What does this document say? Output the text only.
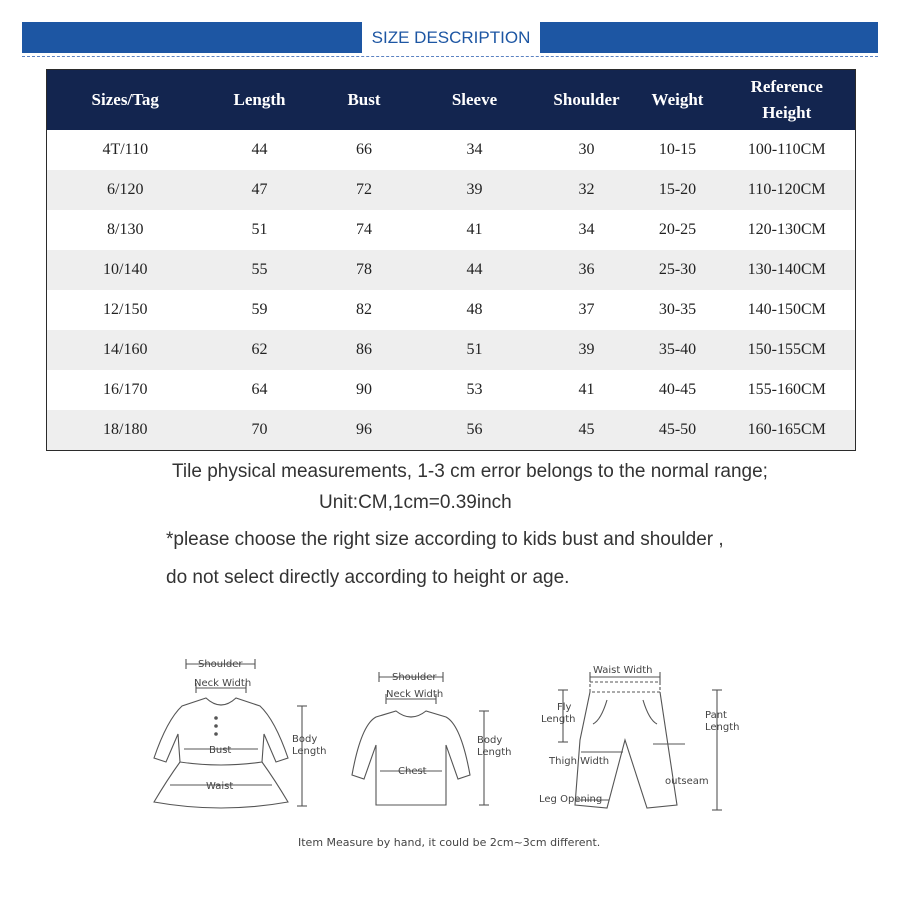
SIZE DESCRIPTION
Sizes/Tag	Length	Bust	Sleeve	Shoulder	Weight	Reference Height
4T/110	44	66	34	30	10-15	100-110CM
6/120	47	72	39	32	15-20	110-120CM
8/130	51	74	41	34	20-25	120-130CM
10/140	55	78	44	36	25-30	130-140CM
12/150	59	82	48	37	30-35	140-150CM
14/160	62	86	51	39	35-40	150-155CM
16/170	64	90	53	41	40-45	155-160CM
18/180	70	96	56	45	45-50	160-165CM
Tile physical measurements, 1-3 cm error belongs to the normal range;
Unit:CM,1cm=0.39inch
*please choose the right size according to kids bust and shoulder ,
do not select directly according to height or age.
Shoulder
Neck Width
Bust
Waist
Body
Length
Shoulder
Neck Width
Chest
Body
Length
Waist Width
Fly
Length	Pant
Length
Thigh Width
outseam
Leg Opening
Item Measure by hand, it could be 2cm~3cm different.
